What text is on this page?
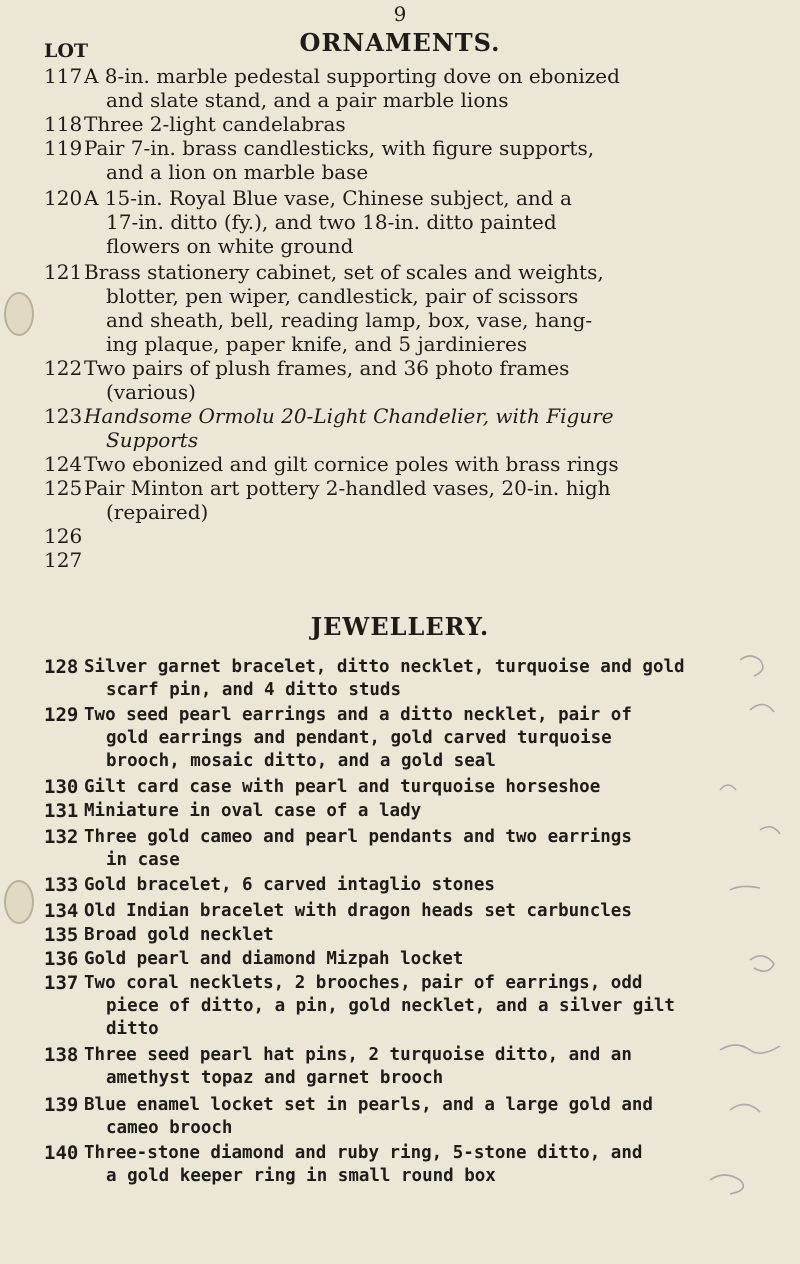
9
ORNAMENTS.
LOT
117 A 8-in. marble pedestal supporting dove on ebonized
and slate stand, and a pair marble lions
118 Three 2-light candelabras
119 Pair 7-in. brass candlesticks, with figure supports,
and a lion on marble base
120 A 15-in. Royal Blue vase, Chinese subject, and a
17-in. ditto (fy.), and two 18-in. ditto painted
flowers on white ground
121 Brass stationery cabinet, set of scales and weights,
blotter, pen wiper, candlestick, pair of scissors
and sheath, bell, reading lamp, box, vase, hang-
ing plaque, paper knife, and 5 jardinieres
122 Two pairs of plush frames, and 36 photo frames
(various)
123 Handsome Ormolu 20-Light Chandelier, with Figure
Supports
124 Two ebonized and gilt cornice poles with brass rings
125 Pair Minton art pottery 2-handled vases, 20-in. high
(repaired)
126
127
JEWELLERY.
128 Silver garnet bracelet, ditto necklet, turquoise and gold
scarf pin, and 4 ditto studs
129 Two seed pearl earrings and a ditto necklet, pair of
gold earrings and pendant, gold carved turquoise
brooch, mosaic ditto, and a gold seal
130 Gilt card case with pearl and turquoise horseshoe
131 Miniature in oval case of a lady
132 Three gold cameo and pearl pendants and two earrings
in case
133 Gold bracelet, 6 carved intaglio stones
134 Old Indian bracelet with dragon heads set carbuncles
135 Broad gold necklet
136 Gold pearl and diamond Mizpah locket
137 Two coral necklets, 2 brooches, pair of earrings, odd
piece of ditto, a pin, gold necklet, and a silver gilt
ditto
138 Three seed pearl hat pins, 2 turquoise ditto, and an
amethyst topaz and garnet brooch
139 Blue enamel locket set in pearls, and a large gold and
cameo brooch
140 Three-stone diamond and ruby ring, 5-stone ditto, and
a gold keeper ring in small round box
